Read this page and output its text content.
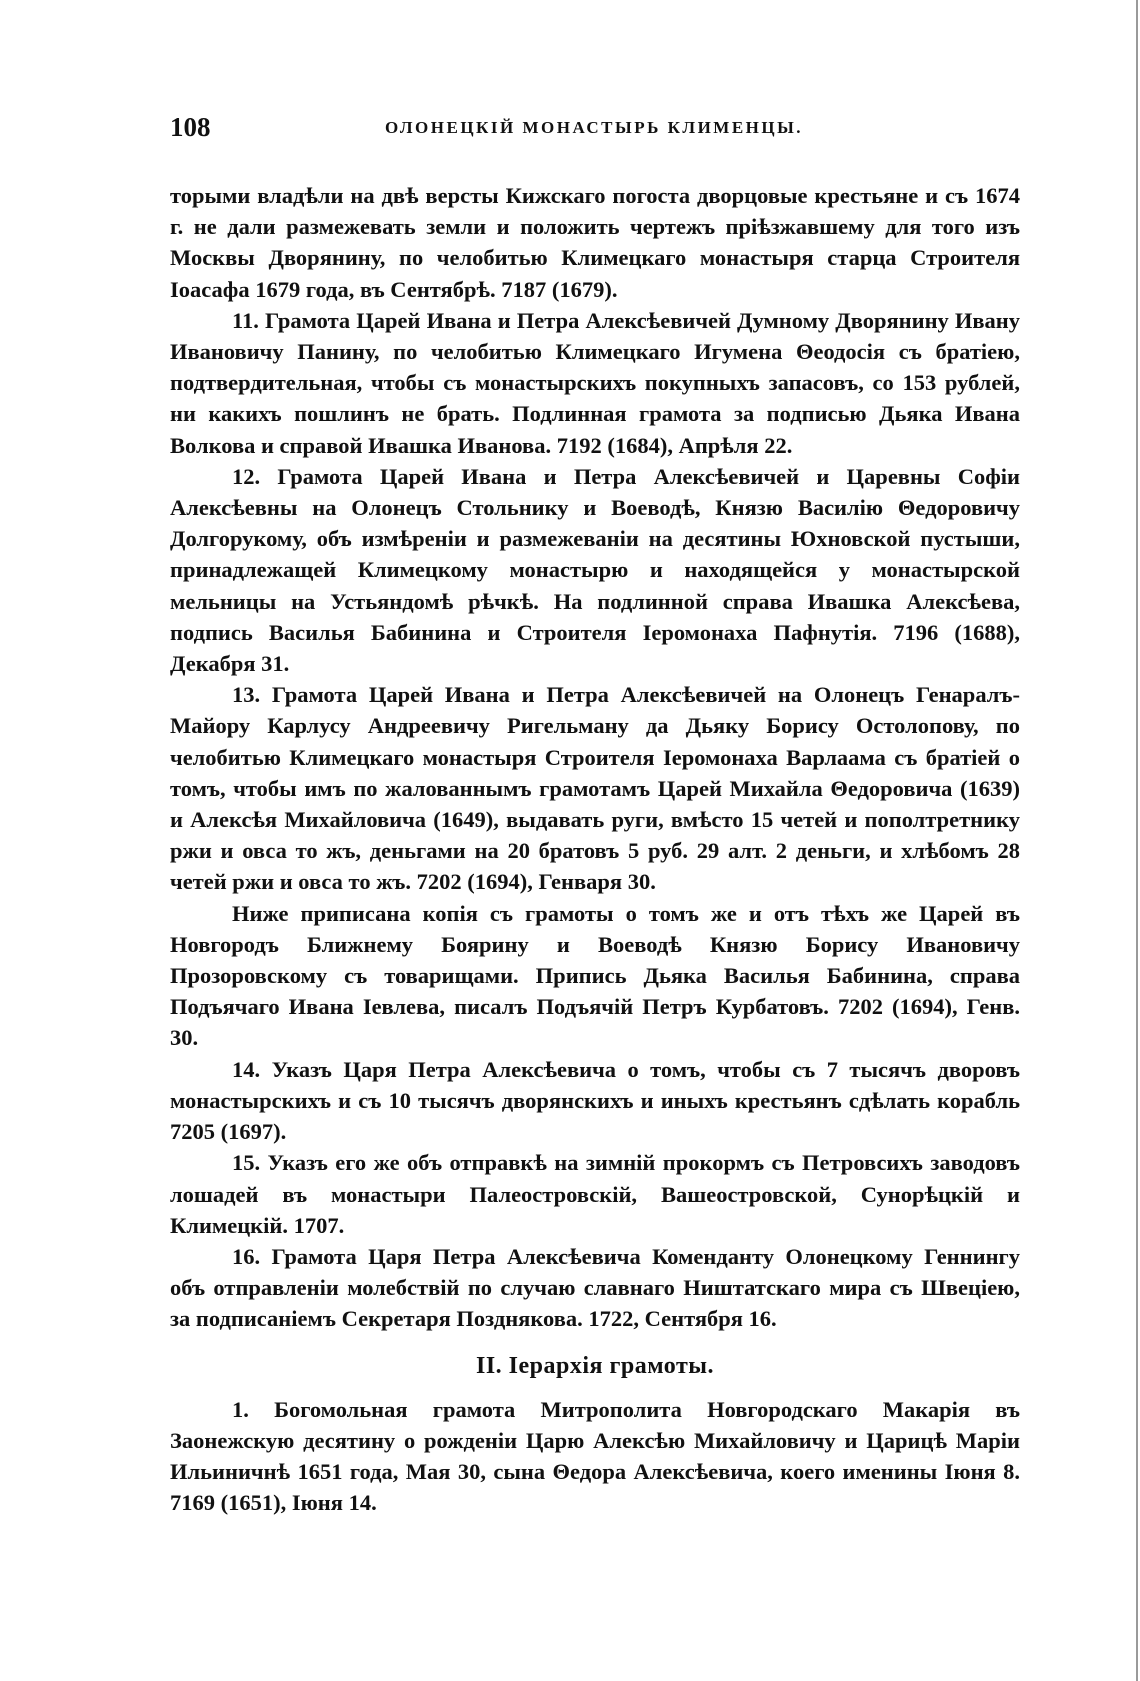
108	ОЛОНЕЦКІЙ МОНАСТЫРЬ КЛИМЕНЦЫ.

торыми владѣли на двѣ версты Кижскаго погоста дворцовые крестьяне и съ 1674 г. не дали размежевать земли и положить чертежъ пріѣзжавшему для того изъ Москвы Дворянину, по челобитью Климецкаго монастыря старца Строителя Іоасафа 1679 года, въ Сентябрѣ. 7187 (1679).

11. Грамота Царей Ивана и Петра Алексѣевичей Думному Дворянину Ивану Ивановичу Панину, по челобитью Климецкаго Игумена Θеодосія съ братіею, подтвердительная, чтобы съ монастырскихъ покупныхъ запасовъ, со 153 рублей, ни какихъ пошлинъ не брать. Подлинная грамота за подписью Дьяка Ивана Волкова и справой Ивашка Иванова. 7192 (1684), Апрѣля 22.

12. Грамота Царей Ивана и Петра Алексѣевичей и Царевны Софіи Алексѣевны на Олонецъ Стольнику и Воеводѣ, Князю Василію Θедоровичу Долгорукому, объ измѣреніи и размежеваніи на десятины Юхновской пустыши, принадлежащей Климецкому монастырю и находящейся у монастырской мельницы на Устьяндомѣ рѣчкѣ. На подлинной справа Ивашка Алексѣева, подпись Василья Бабинина и Строителя Іеромонаха Пафнутія. 7196 (1688), Декабря 31.

13. Грамота Царей Ивана и Петра Алексѣевичей на Олонецъ Генаралъ-Майору Карлусу Андреевичу Ригельману да Дьяку Борису Остолопову, по челобитью Климецкаго монастыря Строителя Іеромонаха Варлаама съ братіей о томъ, чтобы имъ по жалованнымъ грамотамъ Царей Михайла Θедоровича (1639) и Алексѣя Михайловича (1649), выдавать руги, вмѣсто 15 четей и пополтретнику ржи и овса то жъ, деньгами на 20 братовъ 5 руб. 29 алт. 2 деньги, и хлѣбомъ 28 четей ржи и овса то жъ. 7202 (1694), Генваря 30.

Ниже приписана копія съ грамоты о томъ же и отъ тѣхъ же Царей въ Новгородъ Ближнему Боярину и Воеводѣ Князю Борису Ивановичу Прозоровскому съ товарищами. Припись Дьяка Василья Бабинина, справа Подъячаго Ивана Іевлева, писалъ Подъячій Петръ Курбатовъ. 7202 (1694), Генв. 30.

14. Указъ Царя Петра Алексѣевича о томъ, чтобы съ 7 тысячъ дворовъ монастырскихъ и съ 10 тысячъ дворянскихъ и иныхъ крестьянъ сдѣлать корабль 7205 (1697).

15. Указъ его же объ отправкѣ на зимній прокормъ съ Петровсихъ заводовъ лошадей въ монастыри Палеостровскій, Вашеостровской, Сунорѣцкій и Климецкій. 1707.

16. Грамота Царя Петра Алексѣевича Коменданту Олонецкому Геннингу объ отправленіи молебствій по случаю славнаго Ништатскаго мира съ Швеціею, за подписаніемъ Секретаря Позднякова. 1722, Сентября 16.

II. Іерархія грамоты.

1. Богомольная грамота Митрополита Новгородскаго Макарія въ Заонежскую десятину о рожденіи Царю Алексѣю Михайловичу и Царицѣ Маріи Ильиничнѣ 1651 года, Мая 30, сына Θедора Алексѣевича, коего именины Іюня 8. 7169 (1651), Іюня 14.
